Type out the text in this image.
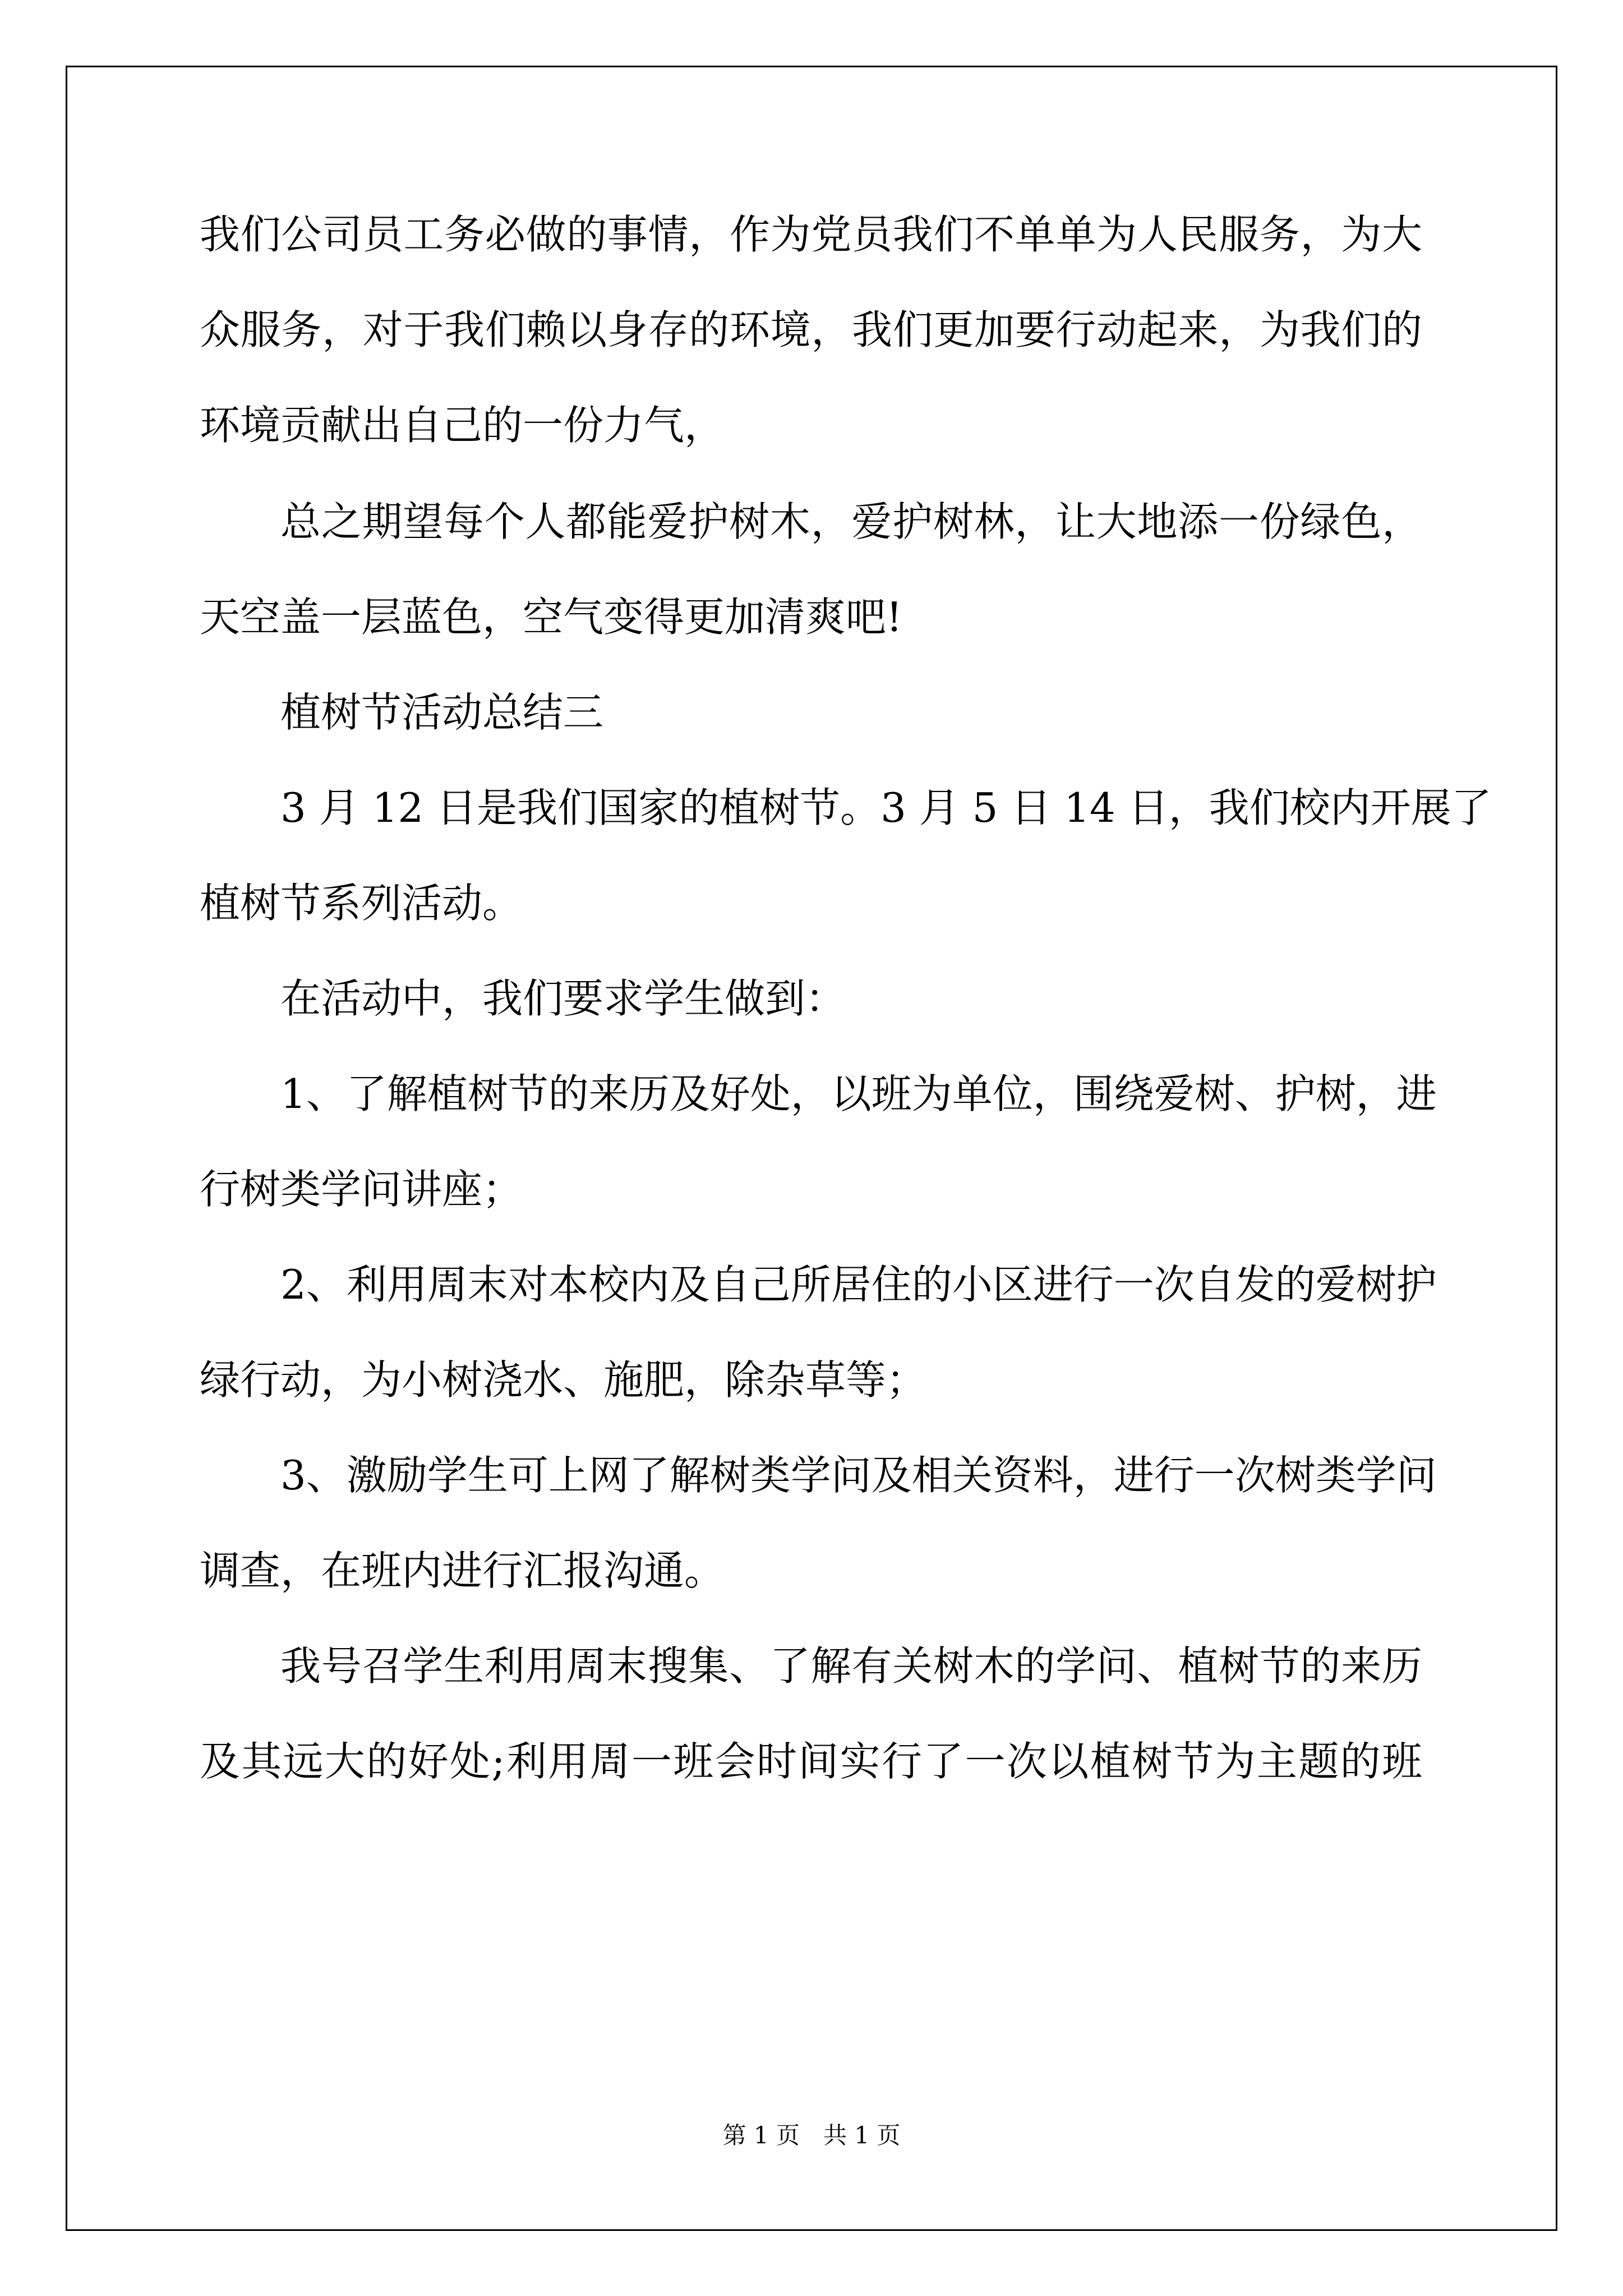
我们公司员工务必做的事情，作为党员我们不单单为人民服务，为大
众服务，对于我们赖以身存的环境，我们更加要行动起来，为我们的
环境贡献出自己的一份力气，
总之期望每个人都能爱护树木，爱护树林，让大地添一份绿色，
天空盖一层蓝色，空气变得更加清爽吧!
植树节活动总结三
3 月 12 日是我们国家的植树节。3 月 5 日 14 日，我们校内开展了
植树节系列活动。
在活动中，我们要求学生做到：
1、了解植树节的来历及好处，以班为单位，围绕爱树、护树，进
行树类学问讲座；
2、利用周末对本校内及自己所居住的小区进行一次自发的爱树护
绿行动，为小树浇水、施肥，除杂草等；
3、激励学生可上网了解树类学问及相关资料，进行一次树类学问
调查，在班内进行汇报沟通。
我号召学生利用周末搜集、了解有关树木的学问、植树节的来历
及其远大的好处;利用周一班会时间实行了一次以植树节为主题的班
第 1 页　共 1 页
